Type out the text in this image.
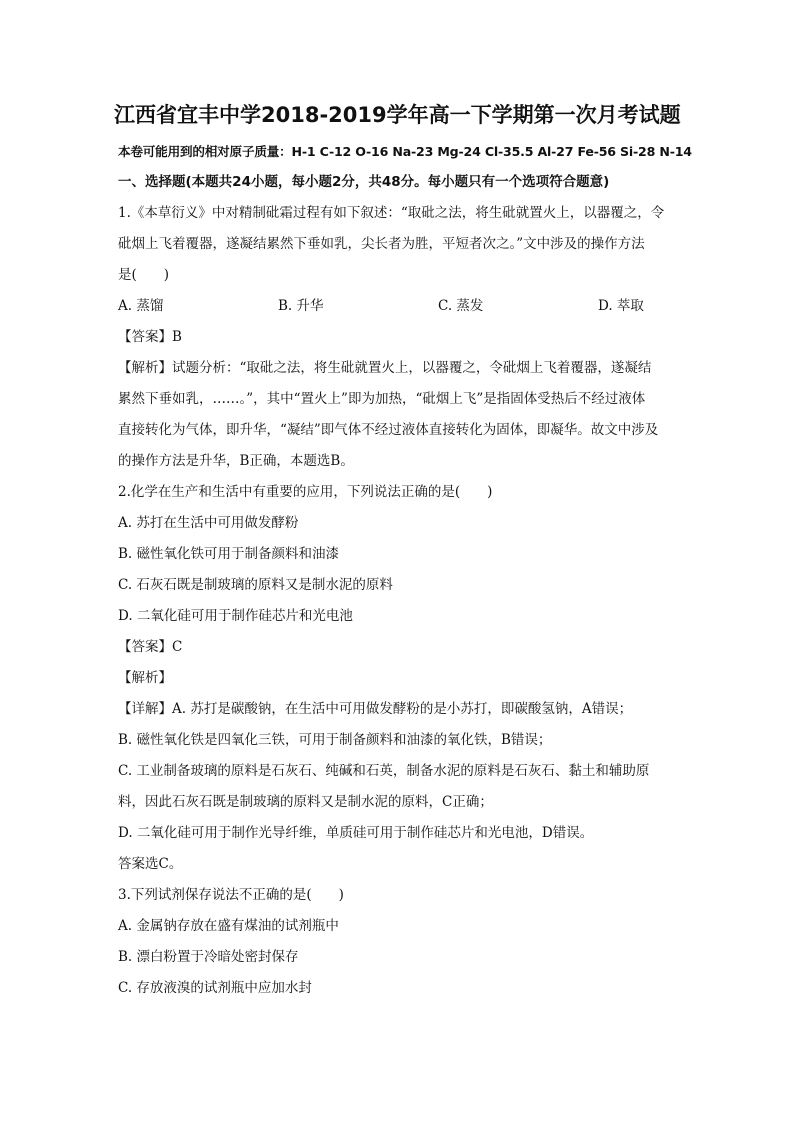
江西省宜丰中学2018-2019学年高一下学期第一次月考试题
本卷可能用到的相对原子质量：H-1 C-12 O-16 Na-23 Mg-24 Cl-35.5 Al-27 Fe-56 Si-28 N-14
一、选择题(本题共24小题，每小题2分，共48分。每小题只有一个选项符合题意)
1.《本草衍义》中对精制砒霜过程有如下叙述：“取砒之法，将生砒就置火上，以器覆之，令
砒烟上飞着覆器，遂凝结累然下垂如乳，尖长者为胜，平短者次之。”文中涉及的操作方法
是(　　)
A. 蒸馏	B. 升华	C. 蒸发	D. 萃取
【答案】B
【解析】试题分析：“取砒之法，将生砒就置火上，以器覆之，令砒烟上飞着覆器，遂凝结
累然下垂如乳，……。”，其中“置火上”即为加热，“砒烟上飞”是指固体受热后不经过液体
直接转化为气体，即升华，“凝结”即气体不经过液体直接转化为固体，即凝华。故文中涉及
的操作方法是升华，B正确，本题选B。
2.化学在生产和生活中有重要的应用，下列说法正确的是(　　)
A. 苏打在生活中可用做发酵粉
B. 磁性氧化铁可用于制备颜料和油漆
C. 石灰石既是制玻璃的原料又是制水泥的原料
D. 二氧化硅可用于制作硅芯片和光电池
【答案】C
【解析】
【详解】A. 苏打是碳酸钠，在生活中可用做发酵粉的是小苏打，即碳酸氢钠，A错误；
B. 磁性氧化铁是四氧化三铁，可用于制备颜料和油漆的氧化铁，B错误；
C. 工业制备玻璃的原料是石灰石、纯碱和石英，制备水泥的原料是石灰石、黏土和辅助原
料，因此石灰石既是制玻璃的原料又是制水泥的原料，C正确；
D. 二氧化硅可用于制作光导纤维，单质硅可用于制作硅芯片和光电池，D错误。
答案选C。
3.下列试剂保存说法不正确的是(　　)
A. 金属钠存放在盛有煤油的试剂瓶中
B. 漂白粉置于冷暗处密封保存
C. 存放液溴的试剂瓶中应加水封
